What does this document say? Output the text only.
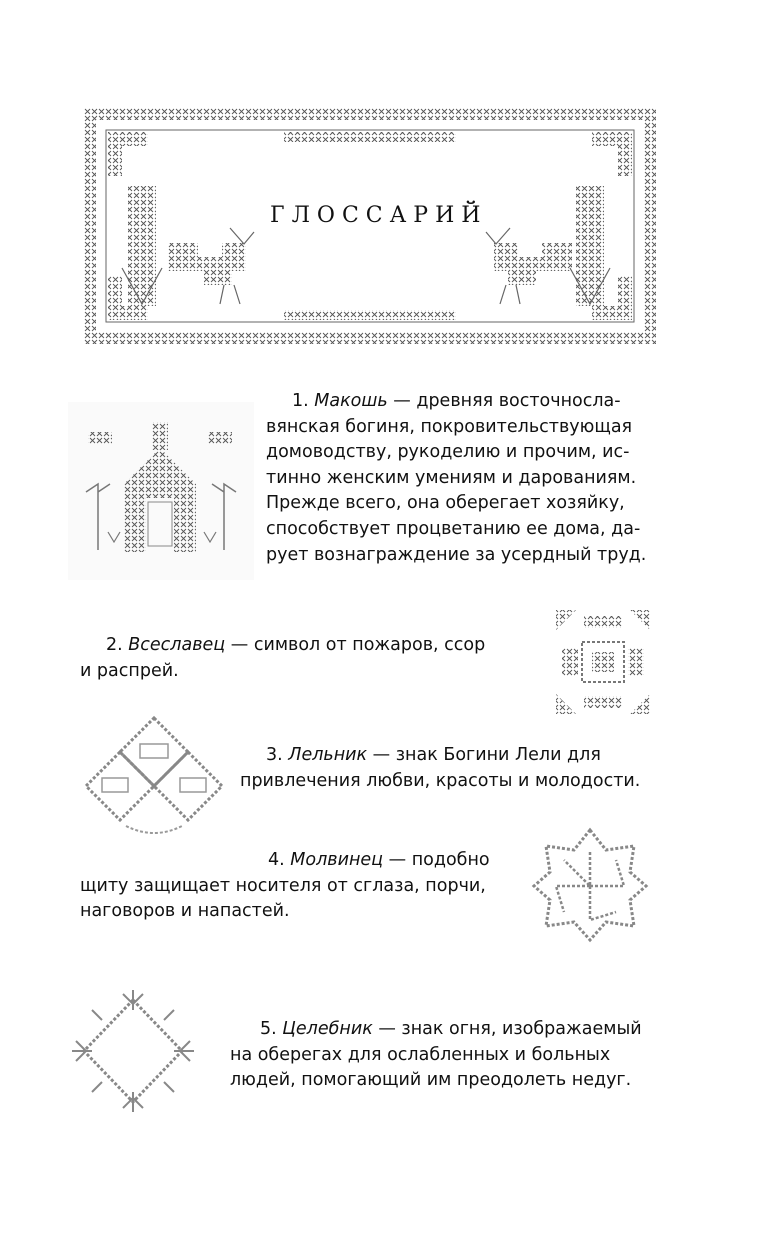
ГЛОССАРИЙ
1. Макошь — древняя восточносла-
вянская богиня, покровительствующая
домоводству, рукоделию и прочим, ис-
тинно женским умениям и дарованиям.
Прежде всего, она оберегает хозяйку,
способствует процветанию ее дома, да-
рует вознаграждение за усердный труд.
2. Всеславец — символ от пожаров, ссор
и распрей.
3. Лельник — знак Богини Лели для
привлечения любви, красоты и молодости.
4. Молвинец — подобно
щиту защищает носителя от сглаза, порчи,
наговоров и напастей.
5. Целебник — знак огня, изображаемый
на оберегах для ослабленных и больных
людей, помогающий им преодолеть недуг.
